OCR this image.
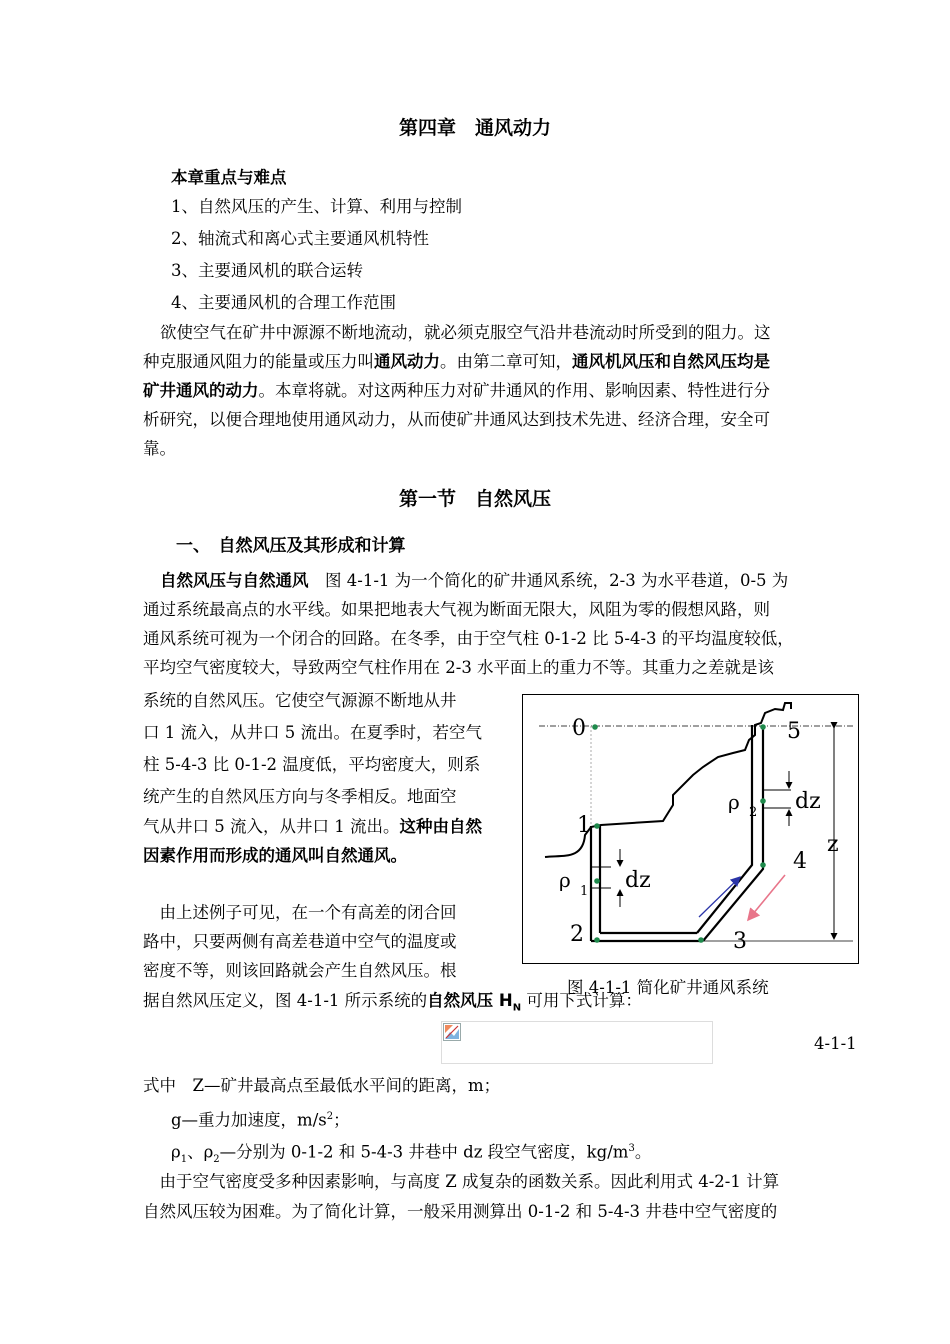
第四章　通风动力
本章重点与难点
1、自然风压的产生、计算、利用与控制
2、轴流式和离心式主要通风机特性
3、主要通风机的联合运转
4、主要通风机的合理工作范围
欲使空气在矿井中源源不断地流动，就必须克服空气沿井巷流动时所受到的阻力。这
种克服通风阻力的能量或压力叫通风动力。由第二章可知，通风机风压和自然风压均是
矿井通风的动力。本章将就。对这两种压力对矿井通风的作用、影响因素、特性进行分
析研究，以便合理地使用通风动力，从而使矿井通风达到技术先进、经济合理，安全可
靠。
第一节　自然风压
一、　自然风压及其形成和计算
自然风压与自然通风　图 4-1-1 为一个简化的矿井通风系统，2-3 为水平巷道，0-5 为
通过系统最高点的水平线。如果把地表大气视为断面无限大，风阻为零的假想风路，则
通风系统可视为一个闭合的回路。在冬季，由于空气柱 0-1-2 比 5-4-3 的平均温度较低，
平均空气密度较大，导致两空气柱作用在 2-3 水平面上的重力不等。其重力之差就是该
系统的自然风压。它使空气源源不断地从井
口 1 流入，从井口 5 流出。在夏季时，若空气
柱 5-4-3 比 0-1-2 温度低，平均密度大，则系
统产生的自然风压方向与冬季相反。地面空
气从井口 5 流入，从井口 1 流出。这种由自然
因素作用而形成的通风叫自然通风。
　由上述例子可见，在一个有高差的闭合回
路中，只要两侧有高差巷道中空气的温度或
密度不等，则该回路就会产生自然风压。根
据自然风压定义，图 4-1-1 所示系统的自然风压 $H_N$ 可用下式计算：
0
1
2	3
4
5
z
dz
dz
ρ 1
ρ 2
图 4-1-1 简化矿井通风系统
4-1-1
式中　Z—矿井最高点至最低水平间的距离，m；
g—重力加速度，$m/s^2$；
$\rho_1$、$\rho_2—$分别为 0-1-2 和 5-4-3 井巷中 dz 段空气密度，$kg/m^3$。
　由于空气密度受多种因素影响，与高度 Z 成复杂的函数关系。因此利用式 4-2-1 计算
自然风压较为困难。为了简化计算，一般采用测算出 0-1-2 和 5-4-3 井巷中空气密度的
